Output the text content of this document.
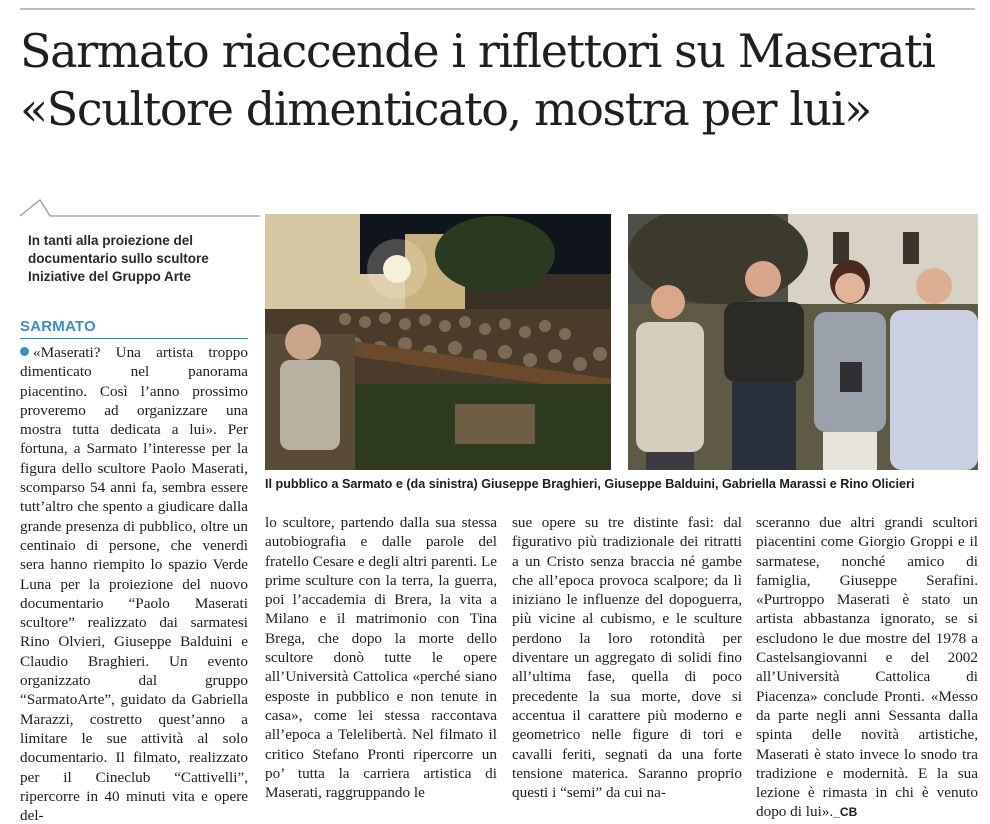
Sarmato riaccende i riflettori su Maserati
«Scultore dimenticato, mostra per lui»
In tanti alla proiezione del documentario sullo scultore Iniziative del Gruppo Arte
SARMATO
«Maserati? Una artista troppo dimenticato nel panorama piacentino. Così l’anno prossimo proveremo ad organizzare una mostra tutta dedicata a lui». Per fortuna, a Sarmato l’interesse per la figura dello scultore Paolo Maserati, scomparso 54 anni fa, sembra essere tutt’altro che spento a giudicare dalla grande presenza di pubblico, oltre un centinaio di persone, che venerdì sera hanno riempito lo spazio Verde Luna per la proiezione del nuovo documentario “Paolo Maserati scultore” realizzato dai sarmatesi Rino Olvieri, Giuseppe Balduini e Claudio Braghieri. Un evento organizzato dal gruppo “SarmatoArte”, guidato da Gabriella Marazzi, costretto quest’anno a limitare le sue attività al solo documentario. Il filmato, realizzato per il Cineclub “Cattivelli”, ripercorre in 40 minuti vita e opere del-
Il pubblico a Sarmato e (da sinistra) Giuseppe Braghieri, Giuseppe Balduini, Gabriella Marassi e Rino Olicieri
lo scultore, partendo dalla sua stessa autobiografia e dalle parole del fratello Cesare e degli altri parenti. Le prime sculture con la terra, la guerra, poi l’accademia di Brera, la vita a Milano e il matrimonio con Tina Brega, che dopo la morte dello scultore donò tutte le opere all’Università Cattolica «perché siano esposte in pubblico e non tenute in casa», come lei stessa raccontava all’epoca a Telelibertà. Nel filmato il critico Stefano Pronti ripercorre un po’ tutta la carriera artistica di Maserati, raggruppando le
sue opere su tre distinte fasi: dal figurativo più tradizionale dei ritratti a un Cristo senza braccia né gambe che all’epoca provoca scalpore; da lì iniziano le influenze del dopoguerra, più vicine al cubismo, e le sculture perdono la loro rotondità per diventare un aggregato di solidi fino all’ultima fase, quella di poco precedente la sua morte, dove si accentua il carattere più moderno e geometrico nelle figure di tori e cavalli feriti, segnati da una forte tensione materica. Saranno proprio questi i “semi” da cui na-
sceranno due altri grandi scultori piacentini come Giorgio Groppi e il sarmatese, nonché amico di famiglia, Giuseppe Serafini. «Purtroppo Maserati è stato un artista abbastanza ignorato, se si escludono le due mostre del 1978 a Castelsangiovanni e del 2002 all’Università Cattolica di Piacenza» conclude Pronti. «Messo da parte negli anni Sessanta dalla spinta delle novità artistiche, Maserati è stato invece lo snodo tra tradizione e modernità. E la sua lezione è rimasta in chi è venuto dopo di lui»._CB
